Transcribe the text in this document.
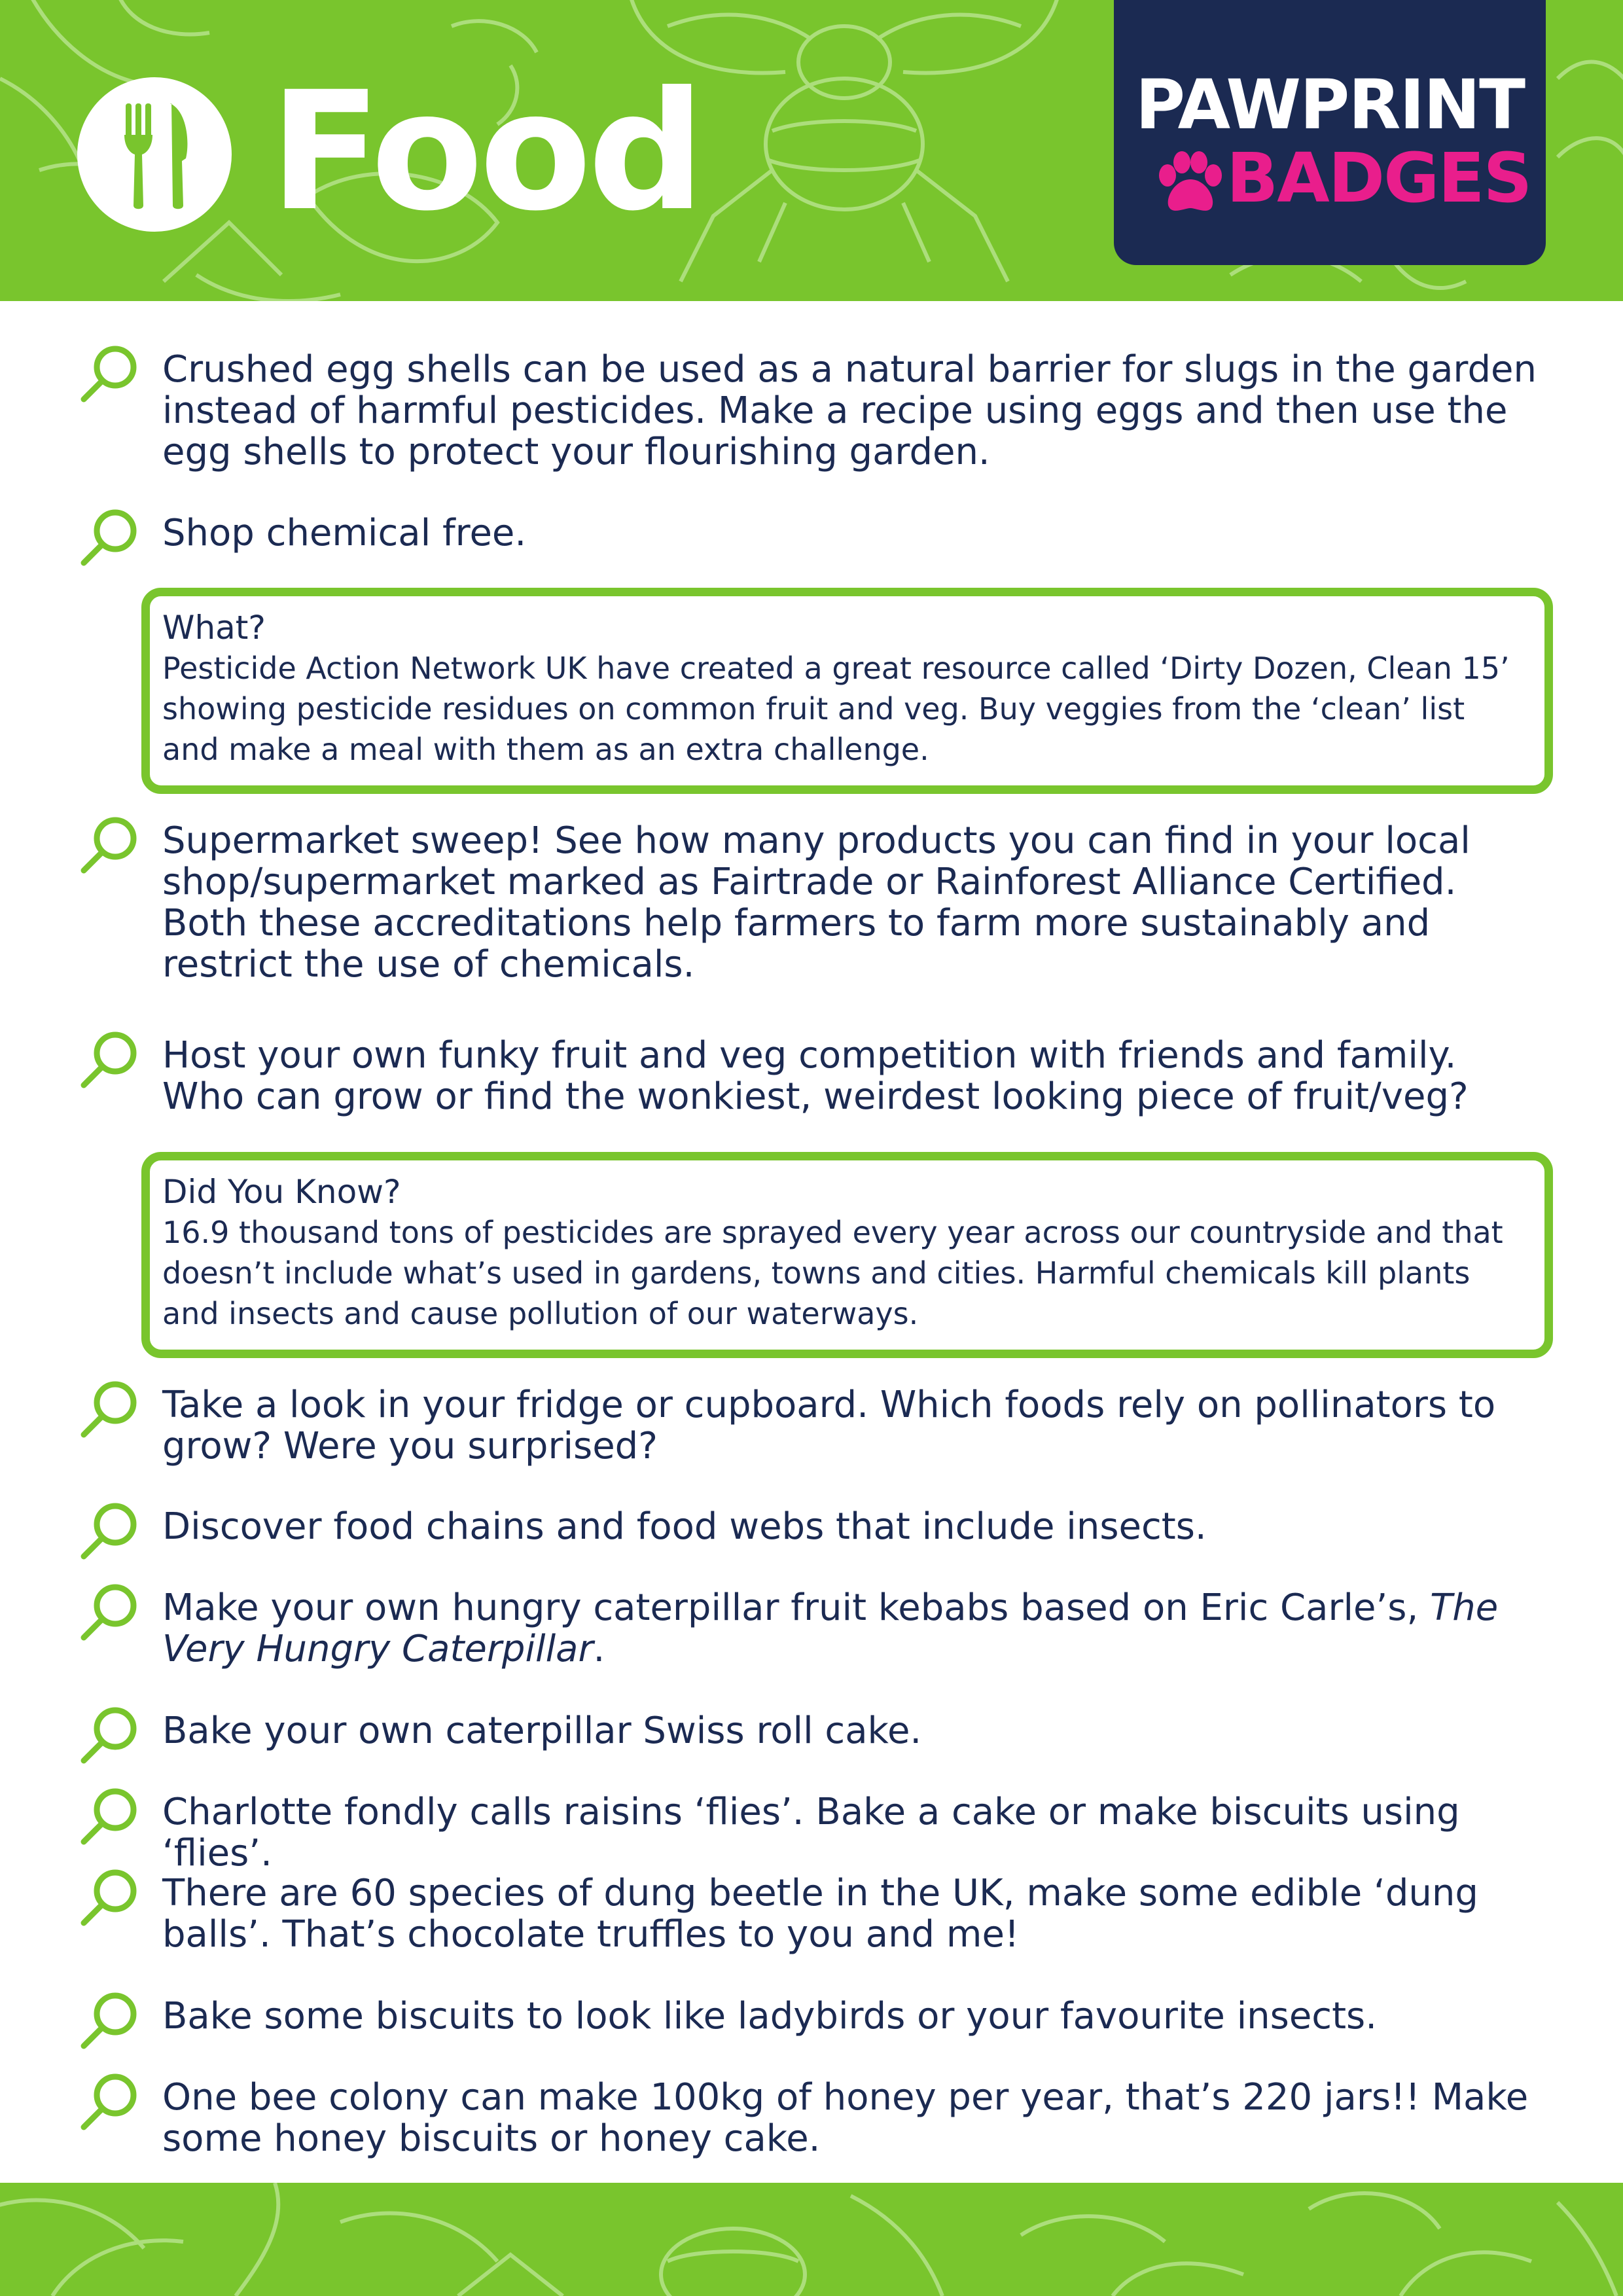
Food	PAWPRINT
BADGES
Crushed egg shells can be used as a natural barrier for slugs in the garden instead of harmful pesticides. Make a recipe using eggs and then use the egg shells to protect your flourishing garden.
Shop chemical free.
What?
Pesticide Action Network UK have created a great resource called ‘Dirty Dozen, Clean 15’ showing pesticide residues on common fruit and veg. Buy veggies from the ‘clean’ list and make a meal with them as an extra challenge.
Supermarket sweep! See how many products you can find in your local shop/supermarket marked as Fairtrade or Rainforest Alliance Certified. Both these accreditations help farmers to farm more sustainably and restrict the use of chemicals.
Host your own funky fruit and veg competition with friends and family. Who can grow or find the wonkiest, weirdest looking piece of fruit/veg?
Did You Know?
16.9 thousand tons of pesticides are sprayed every year across our countryside and that doesn’t include what’s used in gardens, towns and cities. Harmful chemicals kill plants and insects and cause pollution of our waterways.
Take a look in your fridge or cupboard. Which foods rely on pollinators to grow? Were you surprised?
Discover food chains and food webs that include insects.
Make your own hungry caterpillar fruit kebabs based on Eric Carle’s, The Very Hungry Caterpillar.
Bake your own caterpillar Swiss roll cake.
Charlotte fondly calls raisins ‘flies’. Bake a cake or make biscuits using ‘flies’.
There are 60 species of dung beetle in the UK, make some edible ‘dung balls’. That’s chocolate truffles to you and me!
Bake some biscuits to look like ladybirds or your favourite insects.
One bee colony can make 100kg of honey per year, that’s 220 jars!! Make some honey biscuits or honey cake.
